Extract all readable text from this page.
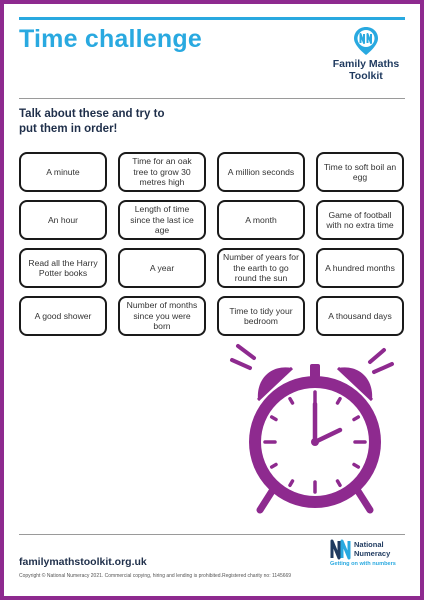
Time challenge
Family Maths
Toolkit
Talk about these and try to
put them in order!
A minute
Time for an oak tree to grow 30 metres high
A million seconds
Time to soft boil an egg
An hour
Length of time since the last ice age
A month
Game of football with no extra time
Read all the Harry Potter books
A year
Number of years for the earth to go round the sun
A hundred months
A good shower
Number of months since you were born
Time to tidy your bedroom
A thousand days
familymathstoolkit.org.uk
Copyright © National Numeracy 2021. Commercial copying, hiring and lending is prohibited.Registered charity no: 1145669
National
Numeracy
Getting on with numbers
